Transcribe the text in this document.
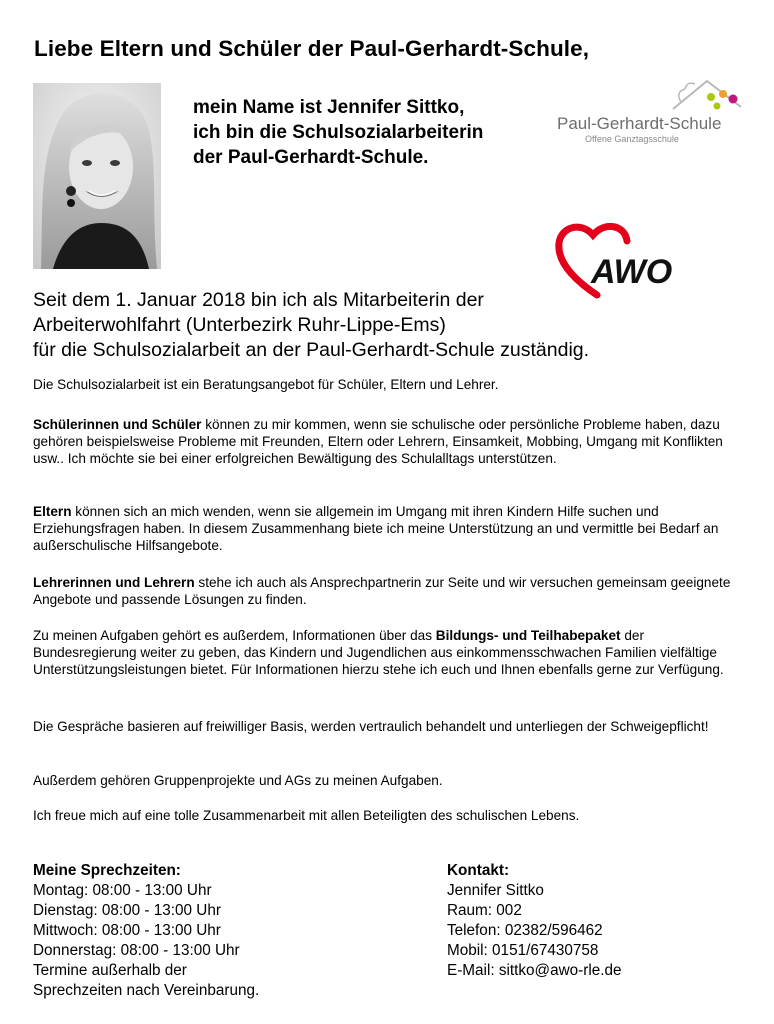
Liebe Eltern und Schüler der Paul-Gerhardt-Schule,
mein Name ist Jennifer Sittko,
ich bin die Schulsozialarbeiterin
der Paul-Gerhardt-Schule.
Paul-Gerhardt-Schule
Offene Ganztagsschule
AWO
Seit dem 1. Januar 2018 bin ich als Mitarbeiterin der
Arbeiterwohlfahrt (Unterbezirk Ruhr-Lippe-Ems)
für die Schulsozialarbeit an der Paul-Gerhardt-Schule zuständig.
Die Schulsozialarbeit ist ein Beratungsangebot für Schüler, Eltern und Lehrer.
Schülerinnen und Schüler können zu mir kommen, wenn sie schulische oder persönliche Probleme haben, dazu gehören beispielsweise Probleme mit Freunden, Eltern oder Lehrern, Einsamkeit, Mobbing, Umgang mit Konflikten usw.. Ich möchte sie bei einer erfolgreichen Bewältigung des Schulalltags unterstützen.
Eltern können sich an mich wenden, wenn sie allgemein im Umgang mit ihren Kindern Hilfe suchen und Erziehungsfragen haben. In diesem Zusammenhang biete ich meine Unterstützung an und vermittle bei Bedarf an außerschulische Hilfsangebote.
Lehrerinnen und Lehrern stehe ich auch als Ansprechpartnerin zur Seite und wir versuchen gemeinsam geeignete Angebote und passende Lösungen zu finden.
Zu meinen Aufgaben gehört es außerdem, Informationen über das Bildungs- und Teilhabepaket der Bundesregierung weiter zu geben, das Kindern und Jugendlichen aus einkommensschwachen Familien vielfältige Unterstützungsleistungen bietet. Für Informationen hierzu stehe ich euch und Ihnen ebenfalls gerne zur Verfügung.
Die Gespräche basieren auf freiwilliger Basis, werden vertraulich behandelt und unterliegen der Schweigepflicht!
Außerdem gehören Gruppenprojekte und AGs zu meinen Aufgaben.
Ich freue mich auf eine tolle Zusammenarbeit mit allen Beteiligten des schulischen Lebens.
Meine Sprechzeiten:
Montag: 08:00 - 13:00 Uhr
Dienstag: 08:00 - 13:00 Uhr
Mittwoch: 08:00 - 13:00 Uhr
Donnerstag: 08:00 - 13:00 Uhr
Termine außerhalb der
Sprechzeiten nach Vereinbarung.
Kontakt:
Jennifer Sittko
Raum: 002
Telefon: 02382/596462
Mobil: 0151/67430758
E-Mail: sittko@awo-rle.de
